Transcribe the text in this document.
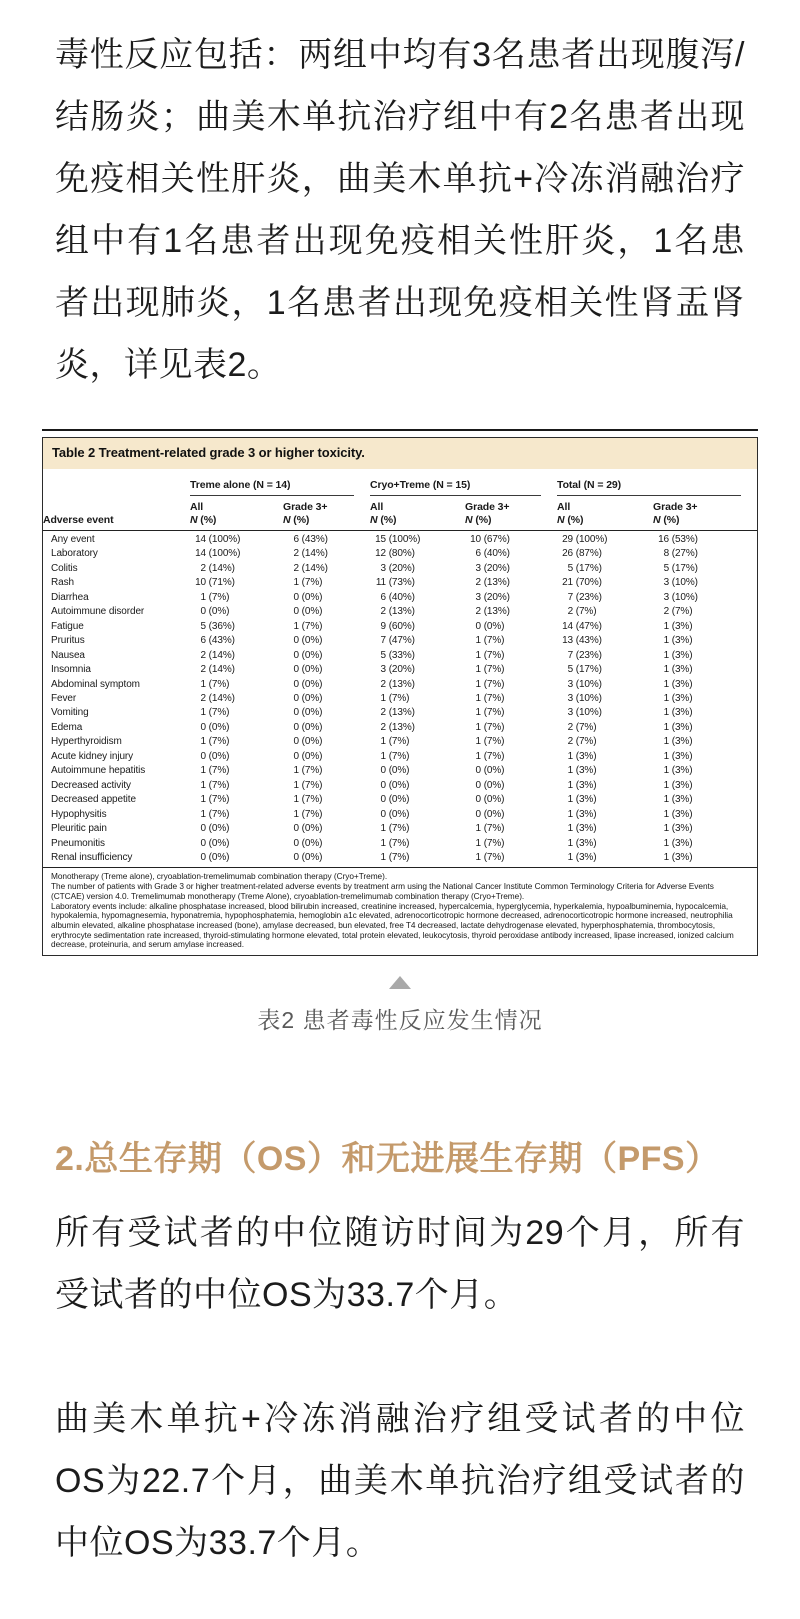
毒性反应包括：两组中均有3名患者出现腹泻/结肠炎；曲美木单抗治疗组中有2名患者出现免疫相关性肝炎，曲美木单抗+冷冻消融治疗组中有1名患者出现免疫相关性肝炎，1名患者出现肺炎，1名患者出现免疫相关性肾盂肾炎，详见表2。

Table 2 Treatment-related grade 3 or higher toxicity.

	Treme alone (N = 14)		Cryo+Treme (N = 15)		Total (N = 29)	

	All	Grade 3+	All	Grade 3+	All	Grade 3+
Adverse event	N (%)	N (%)	N (%)	N (%)	N (%)	N (%)
Any event	14 (100%)	6 (43%)	15 (100%)	10 (67%)	29 (100%)	16 (53%)
Laboratory	14 (100%)	2 (14%)	12 (80%)	6 (40%)	26 (87%)	8 (27%)
Colitis	2 (14%)	2 (14%)	3 (20%)	3 (20%)	5 (17%)	5 (17%)
Rash	10 (71%)	1 (7%)	11 (73%)	2 (13%)	21 (70%)	3 (10%)
Diarrhea	1 (7%)	0 (0%)	6 (40%)	3 (20%)	7 (23%)	3 (10%)
Autoimmune disorder	0 (0%)	0 (0%)	2 (13%)	2 (13%)	2 (7%)	2 (7%)
Fatigue	5 (36%)	1 (7%)	9 (60%)	0 (0%)	14 (47%)	1 (3%)
Pruritus	6 (43%)	0 (0%)	7 (47%)	1 (7%)	13 (43%)	1 (3%)
Nausea	2 (14%)	0 (0%)	5 (33%)	1 (7%)	7 (23%)	1 (3%)
Insomnia	2 (14%)	0 (0%)	3 (20%)	1 (7%)	5 (17%)	1 (3%)
Abdominal symptom	1 (7%)	0 (0%)	2 (13%)	1 (7%)	3 (10%)	1 (3%)
Fever	2 (14%)	0 (0%)	1 (7%)	1 (7%)	3 (10%)	1 (3%)
Vomiting	1 (7%)	0 (0%)	2 (13%)	1 (7%)	3 (10%)	1 (3%)
Edema	0 (0%)	0 (0%)	2 (13%)	1 (7%)	2 (7%)	1 (3%)
Hyperthyroidism	1 (7%)	0 (0%)	1 (7%)	1 (7%)	2 (7%)	1 (3%)
Acute kidney injury	0 (0%)	0 (0%)	1 (7%)	1 (7%)	1 (3%)	1 (3%)
Autoimmune hepatitis	1 (7%)	1 (7%)	0 (0%)	0 (0%)	1 (3%)	1 (3%)
Decreased activity	1 (7%)	1 (7%)	0 (0%)	0 (0%)	1 (3%)	1 (3%)
Decreased appetite	1 (7%)	1 (7%)	0 (0%)	0 (0%)	1 (3%)	1 (3%)
Hypophysitis	1 (7%)	1 (7%)	0 (0%)	0 (0%)	1 (3%)	1 (3%)
Pleuritic pain	0 (0%)	0 (0%)	1 (7%)	1 (7%)	1 (3%)	1 (3%)
Pneumonitis	0 (0%)	0 (0%)	1 (7%)	1 (7%)	1 (3%)	1 (3%)
Renal insufficiency	0 (0%)	0 (0%)	1 (7%)	1 (7%)	1 (3%)	1 (3%)

Monotherapy (Treme alone), cryoablation-tremelimumab combination therapy (Cryo+Treme).

The number of patients with Grade 3 or higher treatment-related adverse events by treatment arm using the National Cancer Institute Common Terminology Criteria for Adverse Events (CTCAE) version 4.0. Tremelimumab monotherapy (Treme Alone), cryoablation-tremelimumab combination therapy (Cryo+Treme).

Laboratory events include: alkaline phosphatase increased, blood bilirubin increased, creatinine increased, hypercalcemia, hyperglycemia, hyperkalemia, hypoalbuminemia, hypocalcemia, hypokalemia, hypomagnesemia, hyponatremia, hypophosphatemia, hemoglobin a1c elevated, adrenocorticotropic hormone decreased, adrenocorticotropic hormone increased, neutrophilia albumin elevated, alkaline phosphatase increased (bone), amylase decreased, bun elevated, free T4 decreased, lactate dehydrogenase elevated, hyperphosphatemia, thrombocytosis, erythrocyte sedimentation rate increased, thyroid-stimulating hormone elevated, total protein elevated, leukocytosis, thyroid peroxidase antibody increased, lipase increased, ionized calcium decrease, proteinuria, and serum amylase increased.

表2 患者毒性反应发生情况
2.总生存期（OS）和无进展生存期（PFS）

所有受试者的中位随访时间为29个月，所有受试者的中位OS为33.7个月。

曲美木单抗+冷冻消融治疗组受试者的中位OS为22.7个月，曲美木单抗治疗组受试者的中位OS为33.7个月。
